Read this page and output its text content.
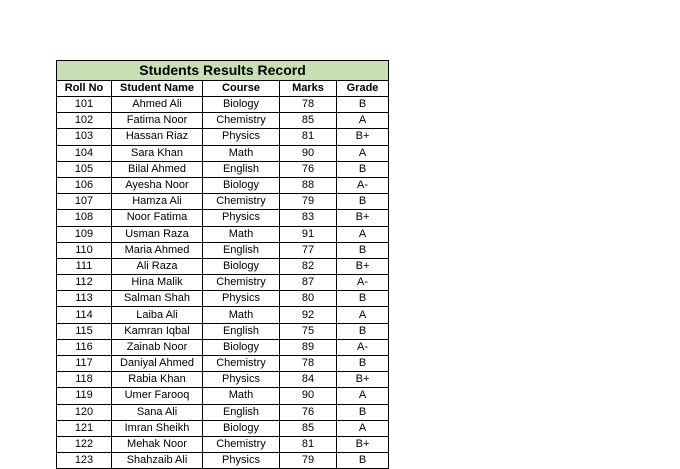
Students Results Record				
Roll No	Student Name	Course	Marks	Grade
101	Ahmed Ali	Biology	78	B
102	Fatima Noor	Chemistry	85	A
103	Hassan Riaz	Physics	81	B+
104	Sara Khan	Math	90	A
105	Bilal Ahmed	English	76	B
106	Ayesha Noor	Biology	88	A-
107	Hamza Ali	Chemistry	79	B
108	Noor Fatima	Physics	83	B+
109	Usman Raza	Math	91	A
110	Maria Ahmed	English	77	B
111	Ali Raza	Biology	82	B+
112	Hina Malik	Chemistry	87	A-
113	Salman Shah	Physics	80	B
114	Laiba Ali	Math	92	A
115	Kamran Iqbal	English	75	B
116	Zainab Noor	Biology	89	A-
117	Daniyal Ahmed	Chemistry	78	B
118	Rabia Khan	Physics	84	B+
119	Umer Farooq	Math	90	A
120	Sana Ali	English	76	B
121	Imran Sheikh	Biology	85	A
122	Mehak Noor	Chemistry	81	B+
123	Shahzaib Ali	Physics	79	B
